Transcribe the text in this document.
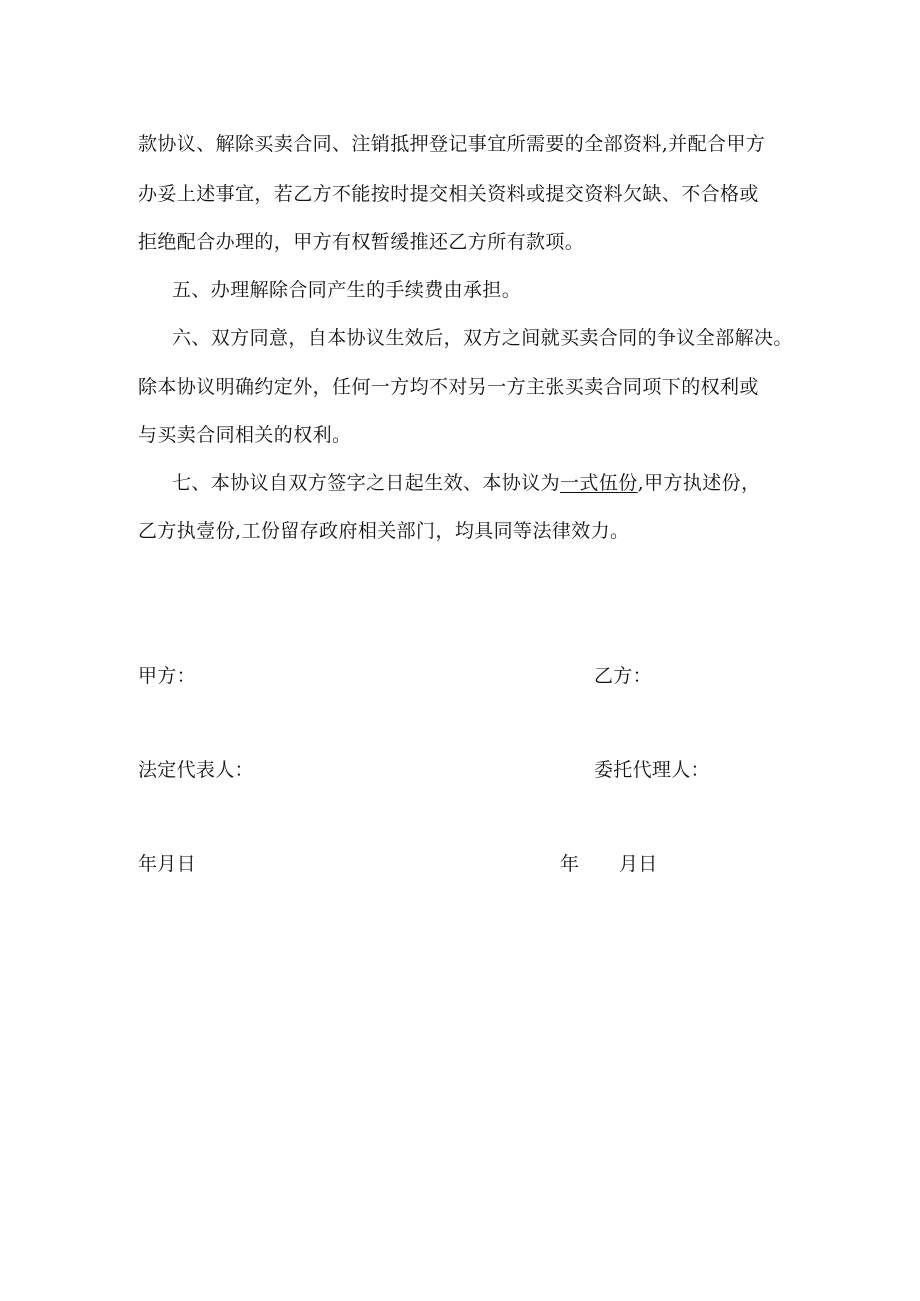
款协议、解除买卖合同、注销抵押登记事宜所需要的全部资料,并配合甲方
办妥上述事宜，若乙方不能按时提交相关资料或提交资料欠缺、不合格或
拒绝配合办理的，甲方有权暂缓推还乙方所有款项。
五、办理解除合同产生的手续费由承担。
六、双方同意，自本协议生效后，双方之间就买卖合同的争议全部解决。
除本协议明确约定外，任何一方均不对另一方主张买卖合同项下的权利或
与买卖合同相关的权利。
七、本协议自双方签字之日起生效、本协议为一式伍份,甲方执述份，
乙方执壹份,工份留存政府相关部门，均具同等法律效力。
甲方：	乙方：
法定代表人：	委托代理人：
年月日	年 月日
